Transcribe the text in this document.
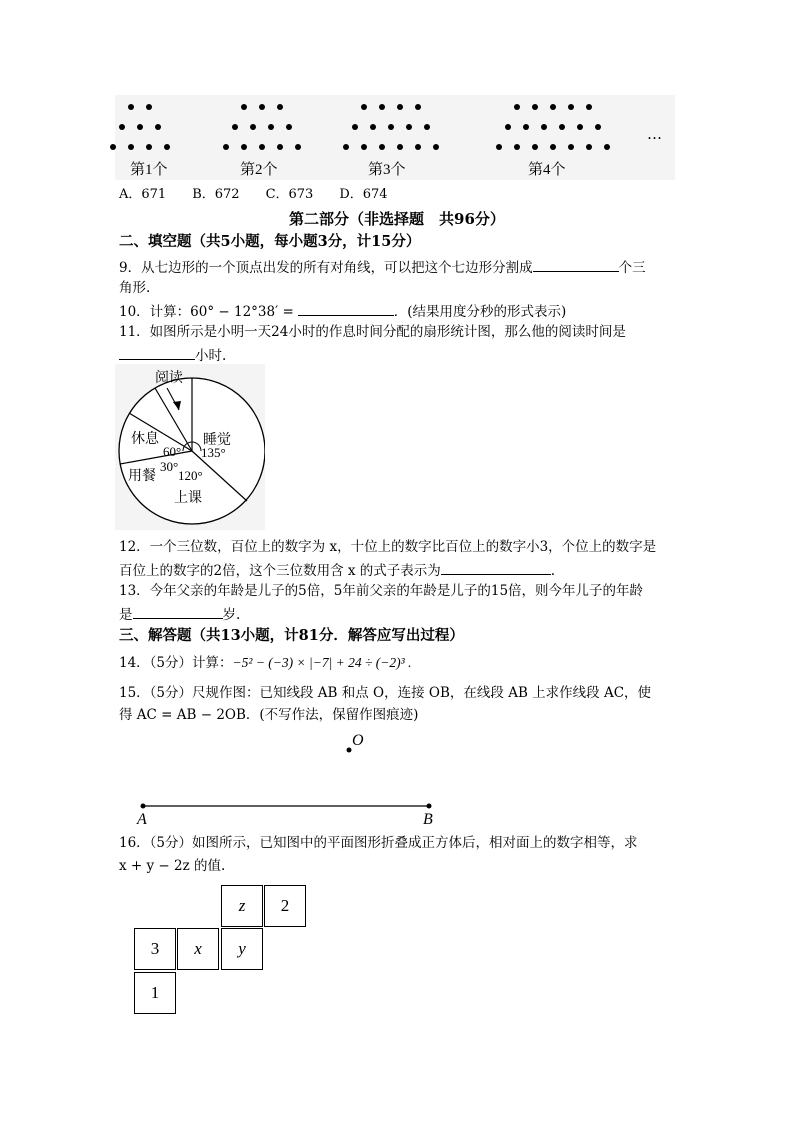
第1个	第2个	第3个	第4个
…
A．671　　B．672　　C．673　　D．674
第二部分（非选择题　共96分）
二、填空题（共5小题，每小题3分，计15分）
9．从七边形的一个顶点出发的所有对角线，可以把这个七边形分割成	个三
角形.
10．计算：60° − 12°38′ =	．(结果用度分秒的形式表示)
11．如图所示是小明一天24小时的作息时间分配的扇形统计图，那么他的阅读时间是
小时.
阅读
睡觉
135°
休息
60°
用餐
30°
120°
上课
12．一个三位数，百位上的数字为 x，十位上的数字比百位上的数字小3，个位上的数字是
百位上的数字的2倍，这个三位数用含 x 的式子表示为	.
13．今年父亲的年龄是儿子的5倍，5年前父亲的年龄是儿子的15倍，则今年儿子的年龄
是	岁.
三、解答题（共13小题，计81分．解答应写出过程）
14．（5分）计算：−5² − (−3) × |−7| + 24 ÷ (−2)³ .
15．（5分）尺规作图：已知线段 AB 和点 O，连接 OB，在线段 AB 上求作线段 AC，使
得 AC = AB − 2OB．(不写作法，保留作图痕迹)
O
A	B
16．（5分）如图所示，已知图中的平面图形折叠成正方体后，相对面上的数字相等，求
x + y − 2z 的值.
z	2
3	x	y
1
